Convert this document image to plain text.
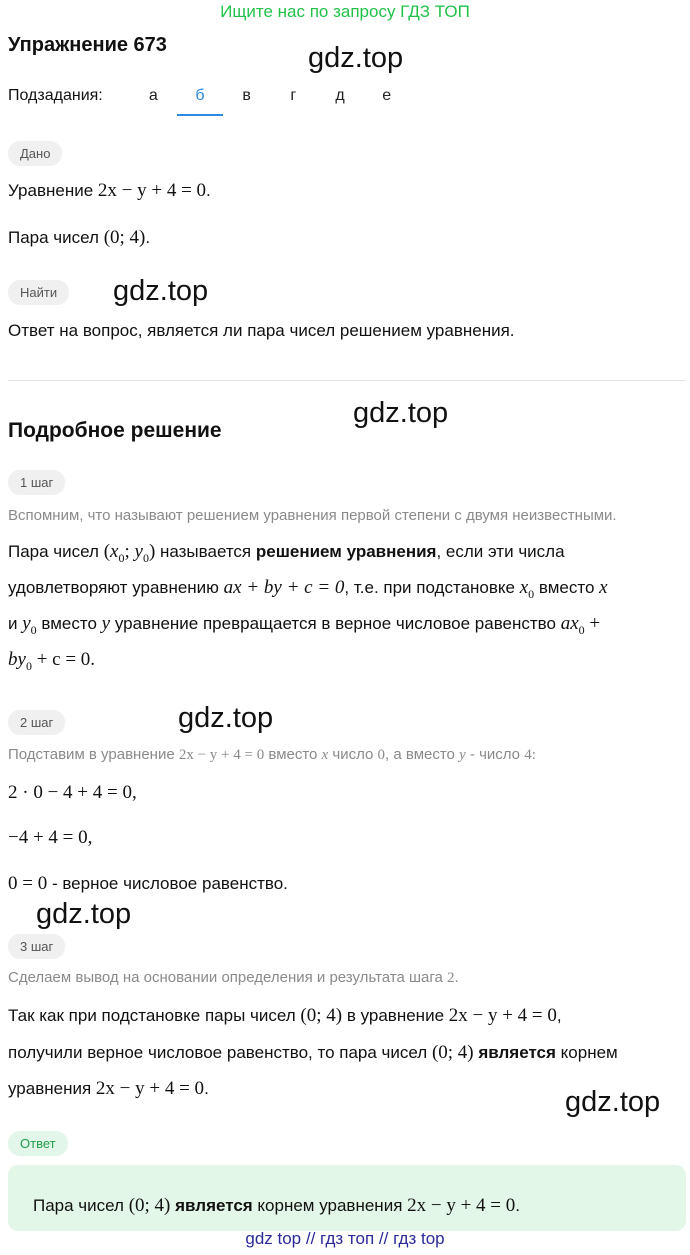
Ищите нас по запросу ГДЗ ТОП
Упражнение 673	gdz.top
Подзадания:	а	б	в	г	д	е
Дано
Уравнение 2x − y + 4 = 0.
Пара чисел (0; 4).
Найти	gdz.top
Ответ на вопрос, является ли пара чисел решением уравнения.
gdz.top
Подробное решение
1 шаг
Вспомним, что называют решением уравнения первой степени с двумя неизвестными.
Пара чисел ($x_0$; $y_0$) называется решением уравнения, если эти числа
удовлетворяют уравнению ax + by + c = 0, т.е. при подстановке $x_0$ вместо x
и $y_0$ вместо y уравнение превращается в верное числовое равенство $ax_0$ +
$by_0 + c = 0$.
2 шаг	gdz.top
Подставим в уравнение 2x − y + 4 = 0 вместо x число 0, а вместо y - число 4:
2 · 0 − 4 + 4 = 0,
−4 + 4 = 0,
0 = 0 - верное числовое равенство.
gdz.top
3 шаг
Сделаем вывод на основании определения и результата шага 2.
Так как при подстановке пары чисел (0; 4) в уравнение 2x − y + 4 = 0,
получили верное числовое равенство, то пара чисел (0; 4) является корнем
уравнения 2x − y + 4 = 0.	gdz.top
Ответ
Пара чисел (0; 4) является корнем уравнения 2x − y + 4 = 0.
gdz top // гдз топ // гдз top
